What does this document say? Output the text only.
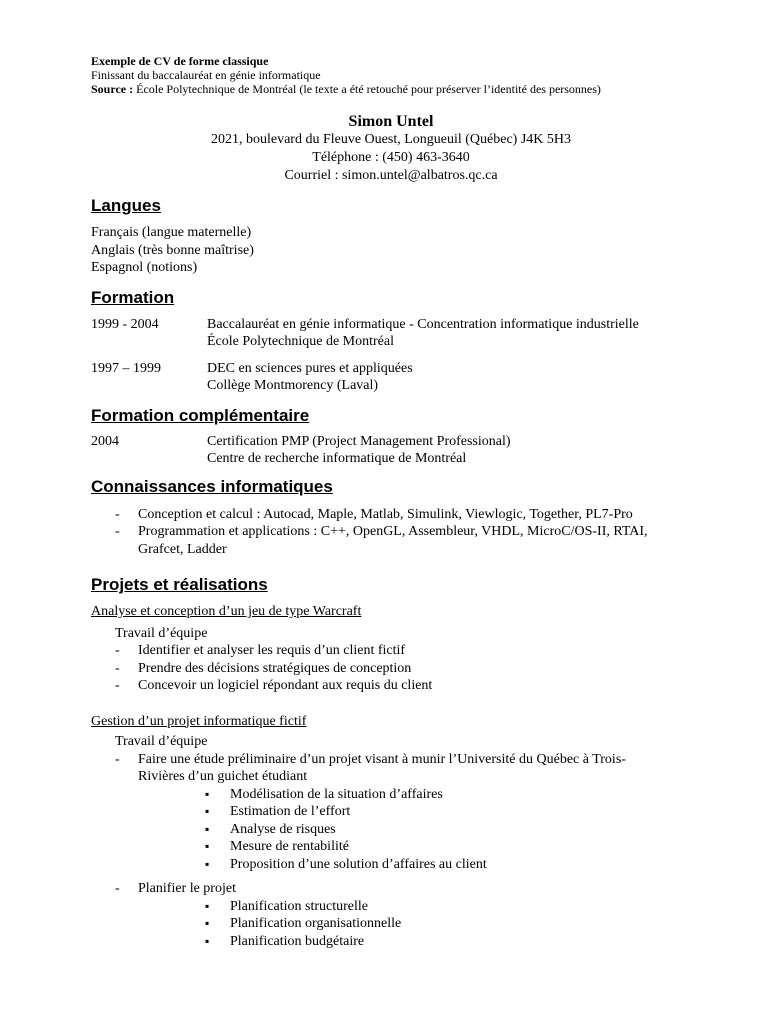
Exemple de CV de forme classique
Finissant du baccalauréat en génie informatique
Source : École Polytechnique de Montréal (le texte a été retouché pour préserver l’identité des personnes)
Simon Untel
2021, boulevard du Fleuve Ouest, Longueuil (Québec) J4K 5H3
Téléphone : (450) 463-3640
Courriel : simon.untel@albatros.qc.ca
Langues
Français (langue maternelle)
Anglais (très bonne maîtrise)
Espagnol (notions)
Formation
1999 - 2004	Baccalauréat en génie informatique - Concentration informatique industrielle
École Polytechnique de Montréal
1997 – 1999	DEC en sciences pures et appliquées
Collège Montmorency (Laval)
Formation complémentaire
2004	Certification PMP (Project Management Professional)
Centre de recherche informatique de Montréal
Connaissances informatiques
- Conception et calcul : Autocad, Maple, Matlab, Simulink, Viewlogic, Together, PL7-Pro
- Programmation et applications : C++, OpenGL, Assembleur, VHDL, MicroC/OS-II, RTAI, Grafcet, Ladder
Projets et réalisations
Analyse et conception d’un jeu de type Warcraft
Travail d’équipe
- Identifier et analyser les requis d’un client fictif
- Prendre des décisions stratégiques de conception
- Concevoir un logiciel répondant aux requis du client
Gestion d’un projet informatique fictif
Travail d’équipe
- Faire une étude préliminaire d’un projet visant à munir l’Université du Québec à Trois-Rivières d’un guichet étudiant
▪ Modélisation de la situation d’affaires
▪ Estimation de l’effort
▪ Analyse de risques
▪ Mesure de rentabilité
▪ Proposition d’une solution d’affaires au client
- Planifier le projet
▪ Planification structurelle
▪ Planification organisationnelle
▪ Planification budgétaire
